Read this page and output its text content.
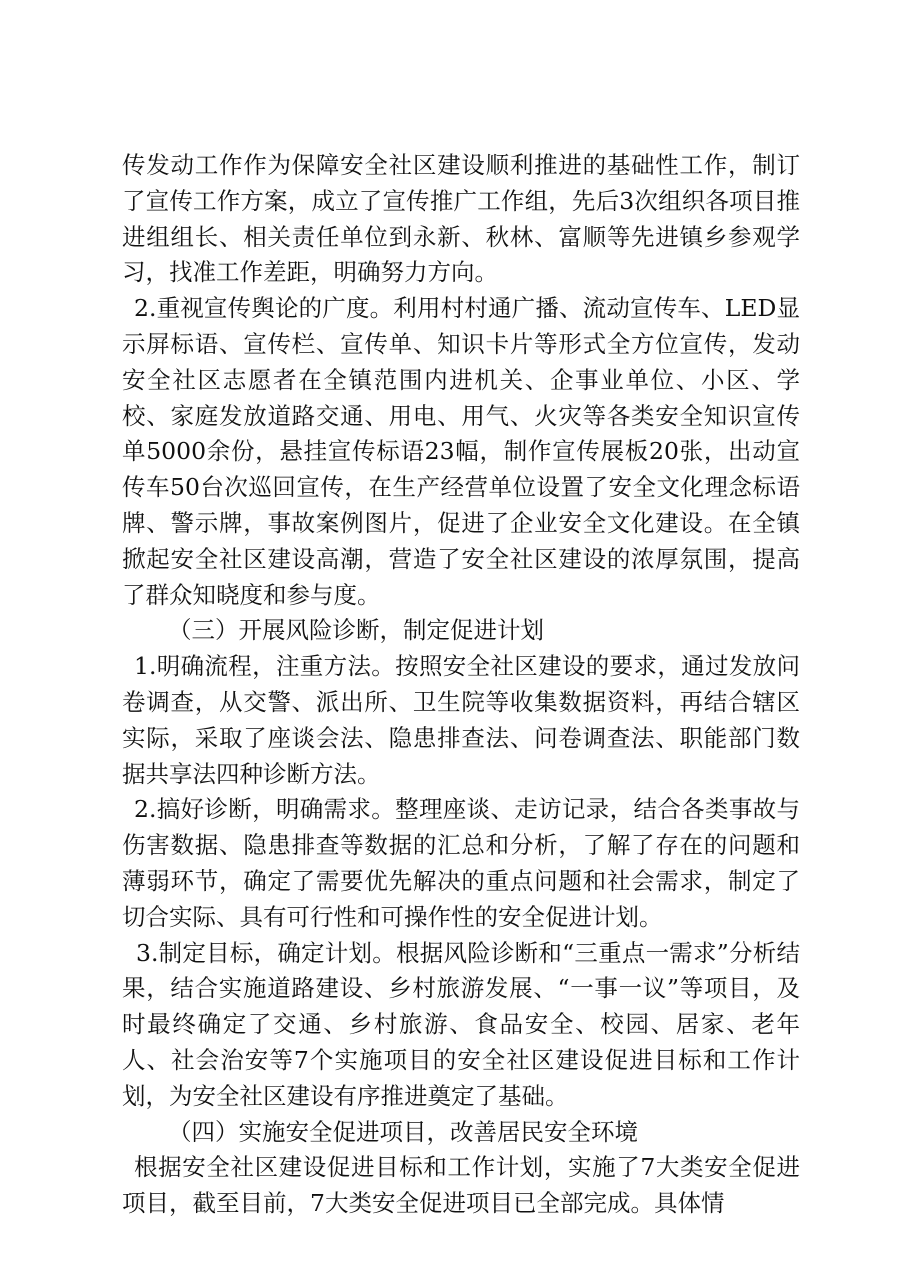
传发动工作作为保障安全社区建设顺利推进的基础性工作，制订了宣传工作方案，成立了宣传推广工作组，先后3次组织各项目推进组组长、相关责任单位到永新、秋林、富顺等先进镇乡参观学习，找准工作差距，明确努力方向。

2.重视宣传舆论的广度。利用村村通广播、流动宣传车、LED显示屏标语、宣传栏、宣传单、知识卡片等形式全方位宣传，发动安全社区志愿者在全镇范围内进机关、企事业单位、小区、学校、家庭发放道路交通、用电、用气、火灾等各类安全知识宣传单5000余份，悬挂宣传标语23幅，制作宣传展板20张，出动宣传车50台次巡回宣传，在生产经营单位设置了安全文化理念标语牌、警示牌，事故案例图片，促进了企业安全文化建设。在全镇掀起安全社区建设高潮，营造了安全社区建设的浓厚氛围，提高了群众知晓度和参与度。

（三）开展风险诊断，制定促进计划

1.明确流程，注重方法。按照安全社区建设的要求，通过发放问卷调查，从交警、派出所、卫生院等收集数据资料，再结合辖区实际，采取了座谈会法、隐患排查法、问卷调查法、职能部门数据共享法四种诊断方法。

2.搞好诊断，明确需求。整理座谈、走访记录，结合各类事故与伤害数据、隐患排查等数据的汇总和分析，了解了存在的问题和薄弱环节，确定了需要优先解决的重点问题和社会需求，制定了切合实际、具有可行性和可操作性的安全促进计划。

3.制定目标，确定计划。根据风险诊断和“三重点一需求”分析结果，结合实施道路建设、乡村旅游发展、“一事一议”等项目，及时最终确定了交通、乡村旅游、食品安全、校园、居家、老年人、社会治安等7个实施项目的安全社区建设促进目标和工作计划，为安全社区建设有序推进奠定了基础。

（四）实施安全促进项目，改善居民安全环境

根据安全社区建设促进目标和工作计划，实施了7大类安全促进项目，截至目前，7大类安全促进项目已全部完成。具体情
